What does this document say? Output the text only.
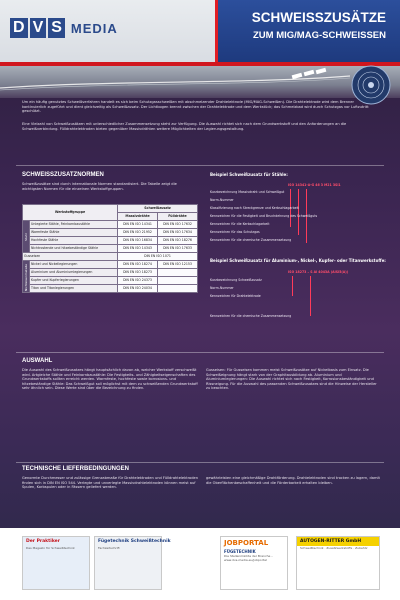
D V S MEDIA
SCHWEISSZUSÄTZE
ZUM MIG/MAG-SCHWEISSEN
Um ein häufig genutztes Schweißverfahren handelt es sich beim Schutzgasschweißen mit abschmelzender Drahtelektrode (MIG/MAG-Schweißen). Die Drahtelektrode wird dem Brenner kontinuierlich zugeführt und dient gleichzeitig als Schweißzusatz. Der Lichtbogen brennt zwischen der Drahtelektrode und dem Werkstück; das Schmelzbad wird durch Schutzgas vor Luftzutritt geschützt.
Eine Vielzahl von Schweißzusätzen mit unterschiedlicher Zusammensetzung steht zur Verfügung. Die Auswahl richtet sich nach dem Grundwerkstoff und den Anforderungen an die Schweißverbindung. Fülldrahtelektroden bieten gegenüber Massivdrähten weitere Möglichkeiten der Legierungsgestaltung.
SCHWEISSZUSATZNORMEN
Schweißzusätze sind durch internationale Normen standardisiert. Die Tabelle zeigt die wichtigsten Normen für die einzelnen Werkstoffgruppen.
Werkstoffgruppe		Schweißzusatz	
		Massivdrähte	Fülldrähte
Stahl	Unlegierte Stähle, Feinkornbaustähle	DIN EN ISO 14341	DIN EN ISO 17632
	Warmfeste Stähle	DIN EN ISO 21952	DIN EN ISO 17634
	Hochfeste Stähle	DIN EN ISO 16834	DIN EN ISO 18276
	Nichtrostende und hitzebeständige Stähle	DIN EN ISO 14343	DIN EN ISO 17633
Gusseisen		DIN EN ISO 1071	
Nichteisenmetalle	Nickel und Nickellegierungen	DIN EN ISO 18274	DIN EN ISO 12153
	Aluminium und Aluminiumlegierungen	DIN EN ISO 18273	
	Kupfer und Kupferlegierungen	DIN EN ISO 24373	
	Titan und Titanlegierungen	DIN EN ISO 24034	
Beispiel Schweißzusatz für Stähle:
ISO 14341-A-G 46 3 M21 3Si1
Kurzbezeichnung Massivdraht und Schweißgut
Norm-Nummer
Klassifizierung nach Streckgrenze und Kerbschlagarbeit
Kennzeichen für die Festigkeit und Bruchdehnung des Schweißguts
Kennzeichen für die Kerbschlagarbeit
Kennzeichen für das Schutzgas
Kennzeichen für die chemische Zusammensetzung
Beispiel Schweißzusatz für Aluminium-, Nickel-, Kupfer- oder Titanwerkstoffe:
ISO 18273 – S Al 4043A (AlSi5(A))
Kurzbezeichnung Schweißzusatz
Norm-Nummer
Kennzeichen für Drahtelektrode
Kennzeichen für die chemische Zusammensetzung
AUSWAHL
Die Auswahl des Schweißzusatzes hängt hauptsächlich davon ab, welcher Werkstoff verschweißt wird. Artgleiche Stähle und Feinkornbaustähle: Die Festigkeits- und Zähigkeitseigenschaften des Grundwerkstoffs sollten erreicht werden. Warmfeste, hochfeste sowie korrosions- und hitzebeständige Stähle: Das Schweißgut soll möglichst mit dem zu schweißenden Grundwerkstoff sehr ähnlich sein. Diese Werte sind über die Bezeichnung zu finden.
Gusseisen: Für Gusseisen kommen meist Schweißzusätze auf Nickelbasis zum Einsatz. Die Schweißeignung hängt stark von der Graphitausbildung ab. Aluminium und Aluminiumlegierungen: Die Auswahl richtet sich nach Festigkeit, Korrosionsbeständigkeit und Rissneigung. Für die Auswahl des passenden Schweißzusatzes sind die Hinweise der Hersteller zu beachten.
TECHNISCHE LIEFERBEDINGUNGEN
Genormte Durchmesser und zulässige Grenzabmaße für Drahtelektroden und Fülldrahtelektroden finden sich in DIN EN ISO 544. Verlegte und unverlegte Massivdrahtelektroden können meist auf Spulen, Korbspulen oder in Fässern geliefert werden.
gewährleisten eine gleichmäßige Drahtförderung. Drahtelektroden sind trocken zu lagern, damit die Oberflächenbeschaffenheit und die Förderbarkeit erhalten bleiben.
Der Praktiker
Das Magazin für Schweißtechnik
Fügetechnik Schweißtechnik
Fachzeitschrift
JOBPORTAL
FÜGETECHNIK
Die Stellenmärkte der Branche – www.dvs-media.eu/jobportal
AUTOGEN-RITTER GmbH
Schweißtechnik · Zusatzwerkstoffe · Zubehör
